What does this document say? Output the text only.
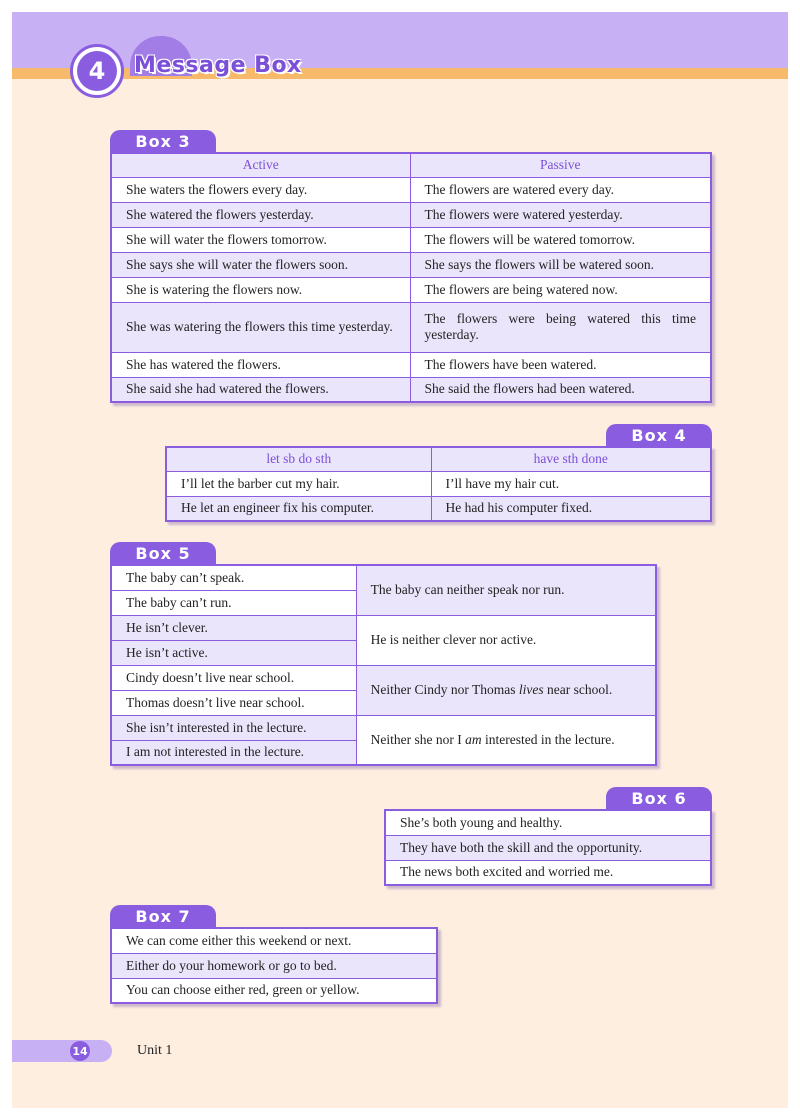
4	Message Box
Box 3
Active	Passive
She waters the flowers every day.	The flowers are watered every day.
She watered the flowers yesterday.	The flowers were watered yesterday.
She will water the flowers tomorrow.	The flowers will be watered tomorrow.
She says she will water the flowers soon.	She says the flowers will be watered soon.
She is watering the flowers now.	The flowers are being watered now.
She was watering the flowers this time yesterday.	The flowers were being watered this time yesterday.
She has watered the flowers.	The flowers have been watered.
She said she had watered the flowers.	She said the flowers had been watered.
Box 4
let sb do sth	have sth done
I’ll let the barber cut my hair.	I’ll have my hair cut.
He let an engineer fix his computer.	He had his computer fixed.
Box 5
The baby can’t speak.	The baby can neither speak nor run.
The baby can’t run.	
He isn’t clever.	He is neither clever nor active.
He isn’t active.	
Cindy doesn’t live near school.	Neither Cindy nor Thomas lives near school.
Thomas doesn’t live near school.	
She isn’t interested in the lecture.	Neither she nor I am interested in the lecture.
I am not interested in the lecture.	
Box 6
She’s both young and healthy.
They have both the skill and the opportunity.
The news both excited and worried me.
Box 7
We can come either this weekend or next.
Either do your homework or go to bed.
You can choose either red, green or yellow.
14	Unit 1
